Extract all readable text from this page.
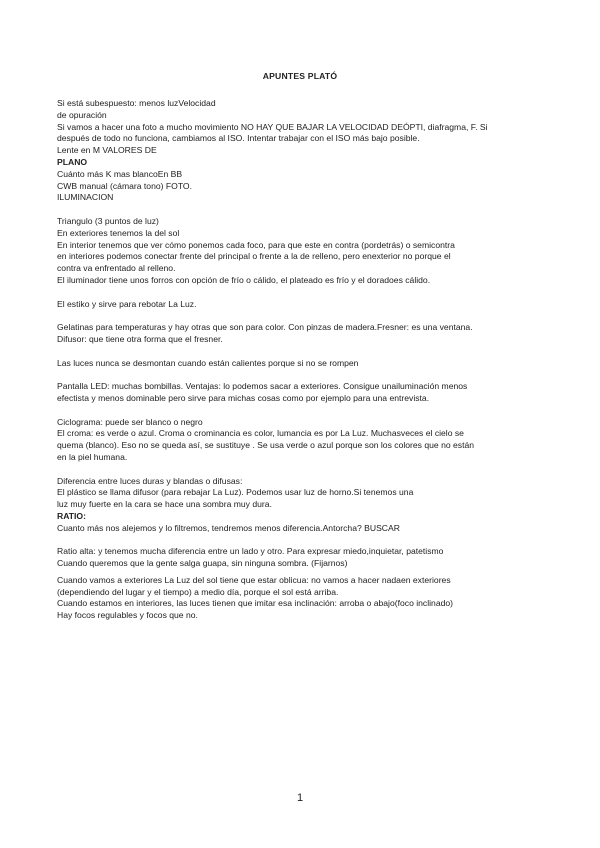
APUNTES PLATÓ
Si está subespuesto: menos luzVelocidad
de opuración
Si vamos a hacer una foto a mucho movimiento NO HAY QUE BAJAR LA VELOCIDAD DEÓPTI, diafragma, F. Si
después de todo no funciona, cambiamos al ISO. Intentar trabajar con el ISO más bajo posible.
Lente en M VALORES DE
PLANO
Cuánto más K mas blancoEn BB
CWB manual (cámara tono) FOTO.
ILUMINACION
Triangulo (3 puntos de luz)
En exteriores tenemos la del sol
En interior tenemos que ver cómo ponemos cada foco, para que este en contra (pordetrás) o semicontra
en interiores podemos conectar frente del principal o frente a la de relleno, pero enexterior no porque el
contra va enfrentado al relleno.
El iluminador tiene unos forros con opción de frío o cálido, el plateado es frío y el doradoes cálido.
El estiko y sirve para rebotar La Luz.
Gelatinas para temperaturas y hay otras que son para color. Con pinzas de madera.Fresner: es una ventana.
Difusor: que tiene otra forma que el fresner.
Las luces nunca se desmontan cuando están calientes porque si no se rompen
Pantalla LED: muchas bombillas. Ventajas: lo podemos sacar a exteriores. Consigue unailuminación menos
efectista y menos dominable pero sirve para michas cosas como por ejemplo para una entrevista.
Ciclograma: puede ser blanco o negro
El croma: es verde o azul. Croma o crominancia es color, lumancia es por La Luz. Muchasveces el cielo se
quema (blanco). Eso no se queda así, se sustituye . Se usa verde o azul porque son los colores que no están
en la piel humana.
Diferencia entre luces duras y blandas o difusas:
El plástico se llama difusor (para rebajar La Luz). Podemos usar luz de horno.Si tenemos una
luz muy fuerte en la cara se hace una sombra muy dura.
RATIO:
Cuanto más nos alejemos y lo filtremos, tendremos menos diferencia.Antorcha? BUSCAR
Ratio alta: y tenemos mucha diferencia entre un lado y otro. Para expresar miedo,inquietar, patetismo
Cuando queremos que la gente salga guapa, sin ninguna sombra. (Fijarnos)
Cuando vamos a exteriores La Luz del sol tiene que estar oblicua: no vamos a hacer nadaen exteriores
(dependiendo del lugar y el tiempo) a medio día, porque el sol está arriba.
Cuando estamos en interiores, las luces tienen que imitar esa inclinación: arroba o abajo(foco inclinado)
Hay focos regulables y focos que no.
1
